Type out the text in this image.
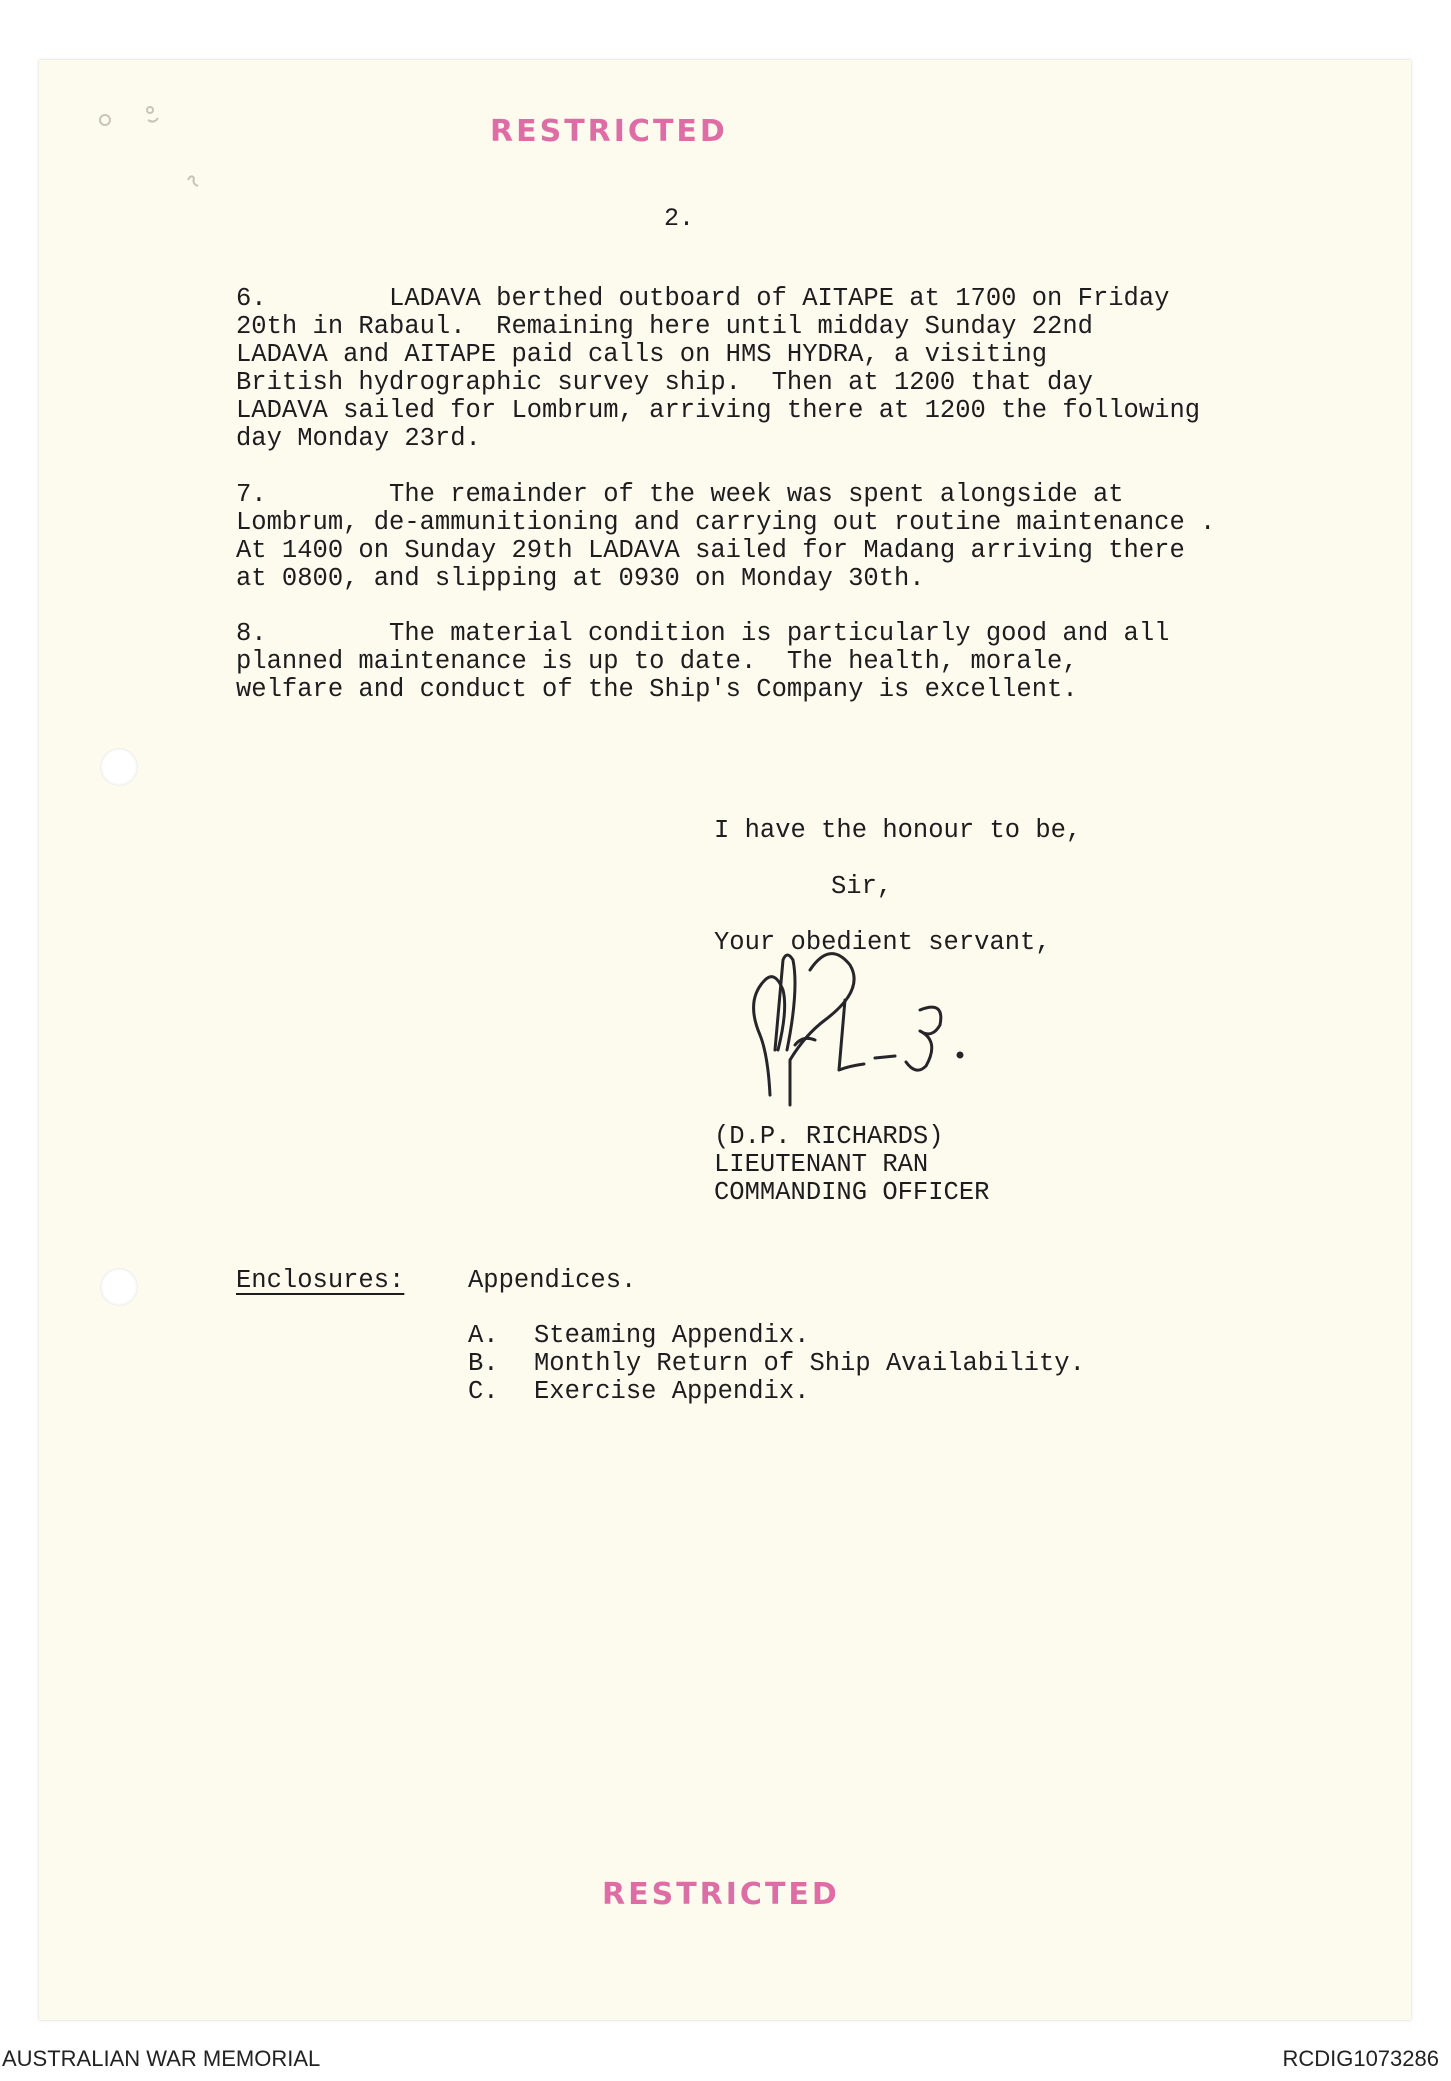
RESTRICTED
2.
6.        LADAVA berthed outboard of AITAPE at 1700 on Friday
20th in Rabaul.  Remaining here until midday Sunday 22nd
LADAVA and AITAPE paid calls on HMS HYDRA, a visiting
British hydrographic survey ship.  Then at 1200 that day
LADAVA sailed for Lombrum, arriving there at 1200 the following
day Monday 23rd.
7.        The remainder of the week was spent alongside at
Lombrum, de-ammunitioning and carrying out routine maintenance .
At 1400 on Sunday 29th LADAVA sailed for Madang arriving there
at 0800, and slipping at 0930 on Monday 30th.
8.        The material condition is particularly good and all
planned maintenance is up to date.  The health, morale,
welfare and conduct of the Ship's Company is excellent.
I have the honour to be,
Sir,
Your obedient servant,
(D.P. RICHARDS)
LIEUTENANT RAN
COMMANDING OFFICER
Enclosures: Appendices.
A. Steaming Appendix.
B. Monthly Return of Ship Availability.
C. Exercise Appendix.
RESTRICTED
AUSTRALIAN WAR MEMORIAL	RCDIG1073286
